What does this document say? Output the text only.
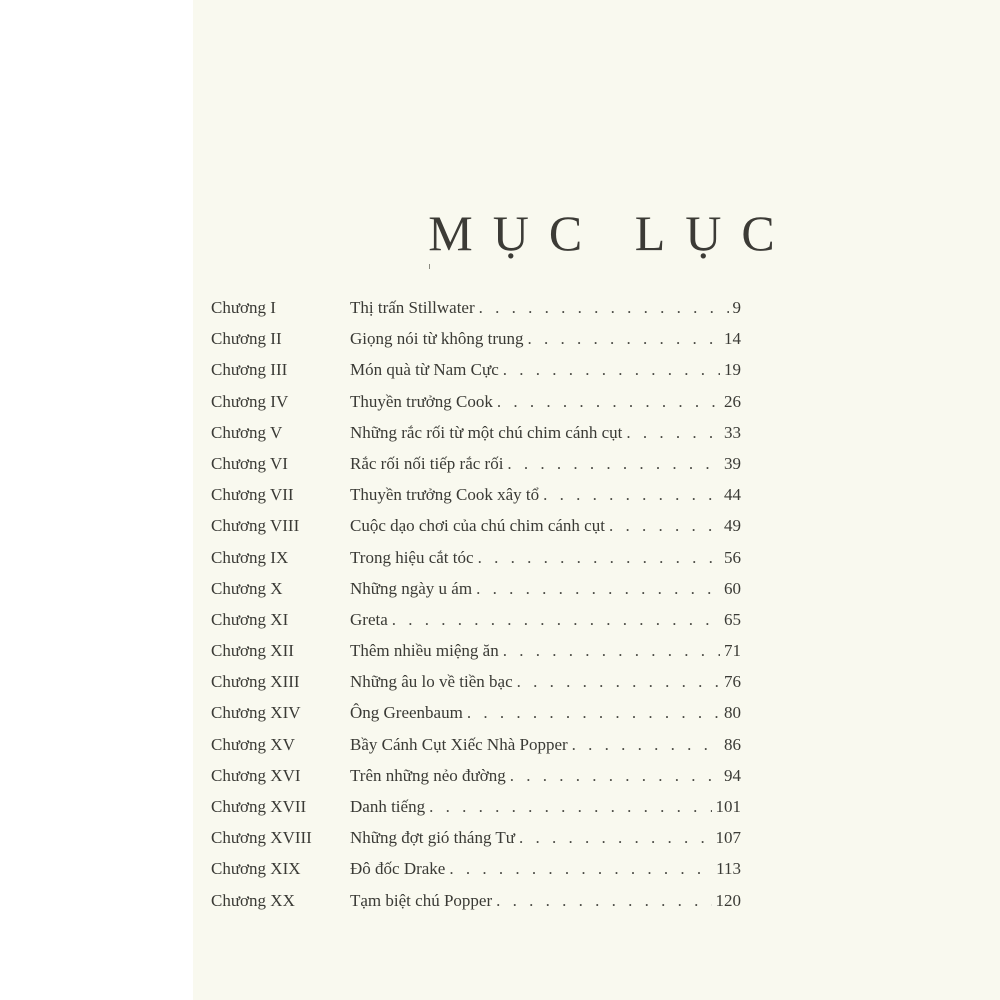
MỤC LỤC
Chương I	Thị trấn Stillwater . . .	9
Chương II	Giọng nói từ không trung . . .	14
Chương III	Món quà từ Nam Cực . . .	19
Chương IV	Thuyền trưởng Cook . . .	26
Chương V	Những rắc rối từ một chú chim cánh cụt . . .	33
Chương VI	Rắc rối nối tiếp rắc rối . . .	39
Chương VII	Thuyền trưởng Cook xây tổ . . .	44
Chương VIII	Cuộc dạo chơi của chú chim cánh cụt . . .	49
Chương IX	Trong hiệu cắt tóc . . .	56
Chương X	Những ngày u ám . . .	60
Chương XI	Greta . . .	65
Chương XII	Thêm nhiều miệng ăn . . .	71
Chương XIII	Những âu lo về tiền bạc . . .	76
Chương XIV	Ông Greenbaum . . .	80
Chương XV	Bầy Cánh Cụt Xiếc Nhà Popper . . .	86
Chương XVI	Trên những nẻo đường . . .	94
Chương XVII	Danh tiếng . . .	101
Chương XVIII Những đợt gió tháng Tư . . .	107
Chương XIX	Đô đốc Drake . . .	113
Chương XX	Tạm biệt chú Popper . . .	120
